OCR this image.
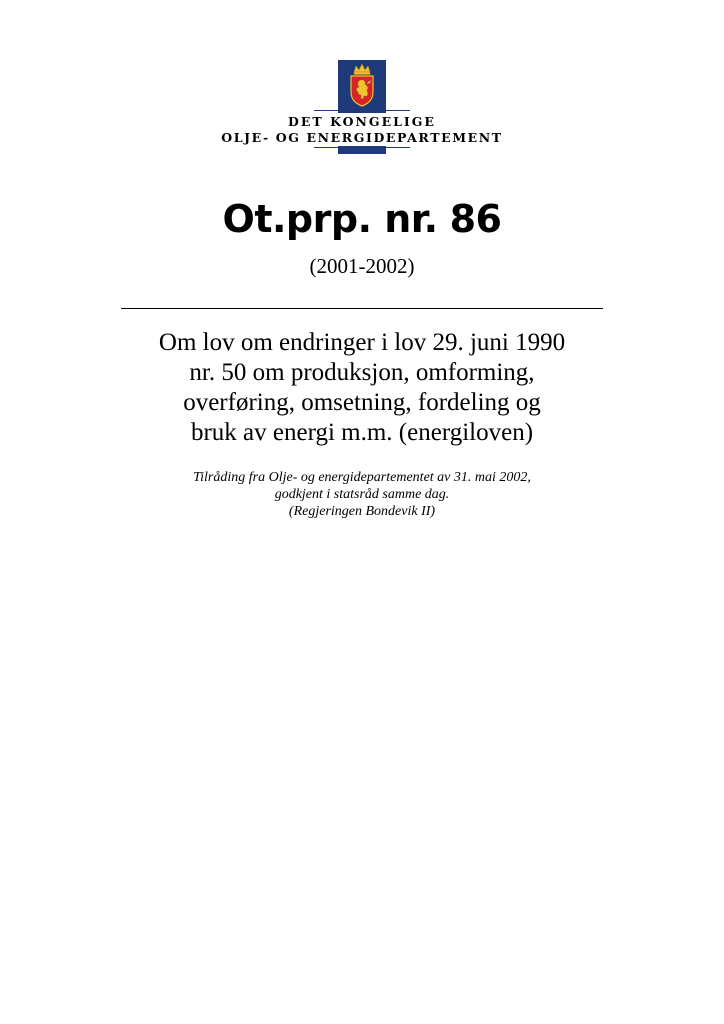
DET KONGELIGE
OLJE- OG ENERGIDEPARTEMENT
Ot.prp. nr. 86
(2001-2002)
Om lov om endringer i lov 29. juni 1990
nr. 50 om produksjon, omforming,
overføring, omsetning, fordeling og
bruk av energi m.m. (energiloven)
Tilråding fra Olje- og energidepartementet av 31. mai 2002,
godkjent i statsråd samme dag.
(Regjeringen Bondevik II)
